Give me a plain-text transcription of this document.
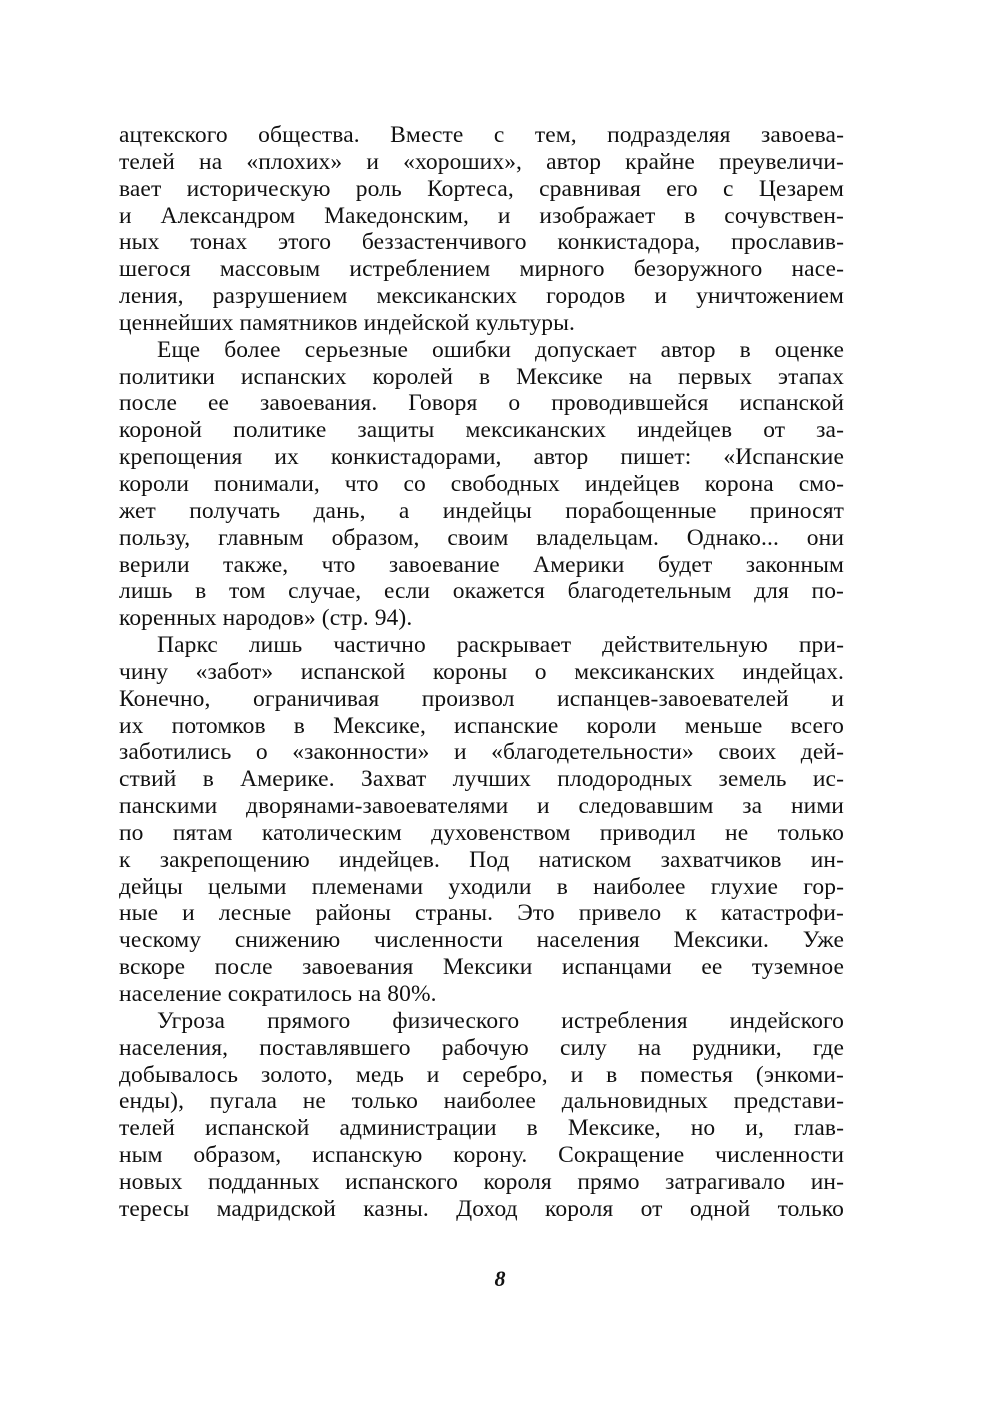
ацтекского общества. Вместе с тем, подразделяя завоева-
телей на «плохих» и «хороших», автор крайне преувеличи-
вает историческую роль Кортеса, сравнивая его с Цезарем
и Александром Македонским, и изображает в сочувствен-
ных тонах этого беззастенчивого конкистадора, прославив-
шегося массовым истреблением мирного безоружного насе-
ления, разрушением мексиканских городов и уничтожением
ценнейших памятников индейской культуры.
Еще более серьезные ошибки допускает автор в оценке
политики испанских королей в Мексике на первых этапах
после ее завоевания. Говоря о проводившейся испанской
короной политике защиты мексиканских индейцев от за-
крепощения их конкистадорами, автор пишет: «Испанские
короли понимали, что со свободных индейцев корона смо-
жет получать дань, а индейцы порабощенные приносят
пользу, главным образом, своим владельцам. Однако... они
верили также, что завоевание Америки будет законным
лишь в том случае, если окажется благодетельным для по-
коренных народов» (стр. 94).
Паркс лишь частично раскрывает действительную при-
чину «забот» испанской короны о мексиканских индейцах.
Конечно, ограничивая произвол испанцев-завоевателей и
их потомков в Мексике, испанские короли меньше всего
заботились о «законности» и «благодетельности» своих дей-
ствий в Америке. Захват лучших плодородных земель ис-
панскими дворянами-завоевателями и следовавшим за ними
по пятам католическим духовенством приводил не только
к закрепощению индейцев. Под натиском захватчиков ин-
дейцы целыми племенами уходили в наиболее глухие гор-
ные и лесные районы страны. Это привело к катастрофи-
ческому снижению численности населения Мексики. Уже
вскоре после завоевания Мексики испанцами ее туземное
население сократилось на 80%.
Угроза прямого физического истребления индейского
населения, поставлявшего рабочую силу на рудники, где
добывалось золото, медь и серебро, и в поместья (энкоми-
енды), пугала не только наиболее дальновидных представи-
телей испанской администрации в Мексике, но и, глав-
ным образом, испанскую корону. Сокращение численности
новых подданных испанского короля прямо затрагивало ин-
тересы мадридской казны. Доход короля от одной только
8
